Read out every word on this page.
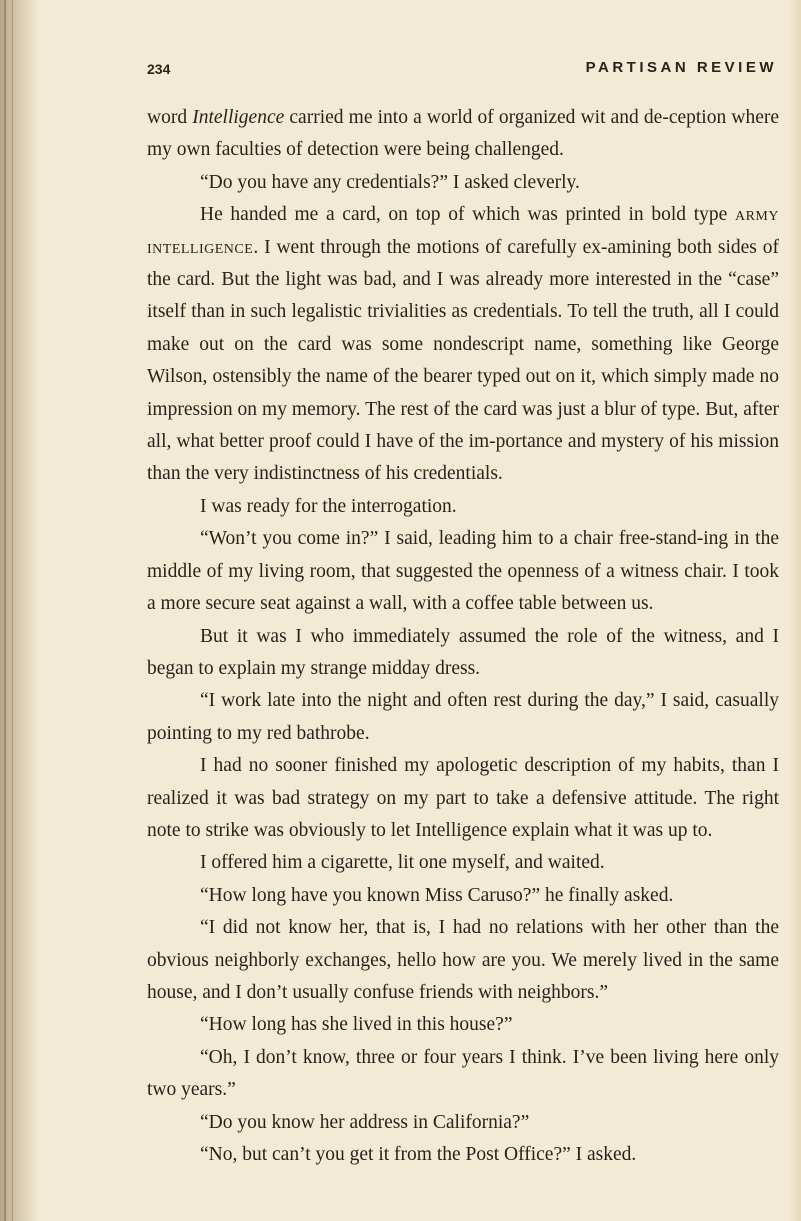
234	PARTISAN REVIEW

word Intelligence carried me into a world of organized wit and de-ception where my own faculties of detection were being challenged.

“Do you have any credentials?” I asked cleverly.

He handed me a card, on top of which was printed in bold type army intelligence. I went through the motions of carefully ex-amining both sides of the card. But the light was bad, and I was already more interested in the “case” itself than in such legalistic trivialities as credentials. To tell the truth, all I could make out on the card was some nondescript name, something like George Wilson, ostensibly the name of the bearer typed out on it, which simply made no impression on my memory. The rest of the card was just a blur of type. But, after all, what better proof could I have of the im-portance and mystery of his mission than the very indistinctness of his credentials.

I was ready for the interrogation.

“Won’t you come in?” I said, leading him to a chair free-stand-ing in the middle of my living room, that suggested the openness of a witness chair. I took a more secure seat against a wall, with a coffee table between us.

But it was I who immediately assumed the role of the witness, and I began to explain my strange midday dress.

“I work late into the night and often rest during the day,” I said, casually pointing to my red bathrobe.

I had no sooner finished my apologetic description of my habits, than I realized it was bad strategy on my part to take a defensive attitude. The right note to strike was obviously to let Intelligence explain what it was up to.

I offered him a cigarette, lit one myself, and waited.

“How long have you known Miss Caruso?” he finally asked.

“I did not know her, that is, I had no relations with her other than the obvious neighborly exchanges, hello how are you. We merely lived in the same house, and I don’t usually confuse friends with neighbors.”

“How long has she lived in this house?”

“Oh, I don’t know, three or four years I think. I’ve been living here only two years.”

“Do you know her address in California?”

“No, but can’t you get it from the Post Office?” I asked.
